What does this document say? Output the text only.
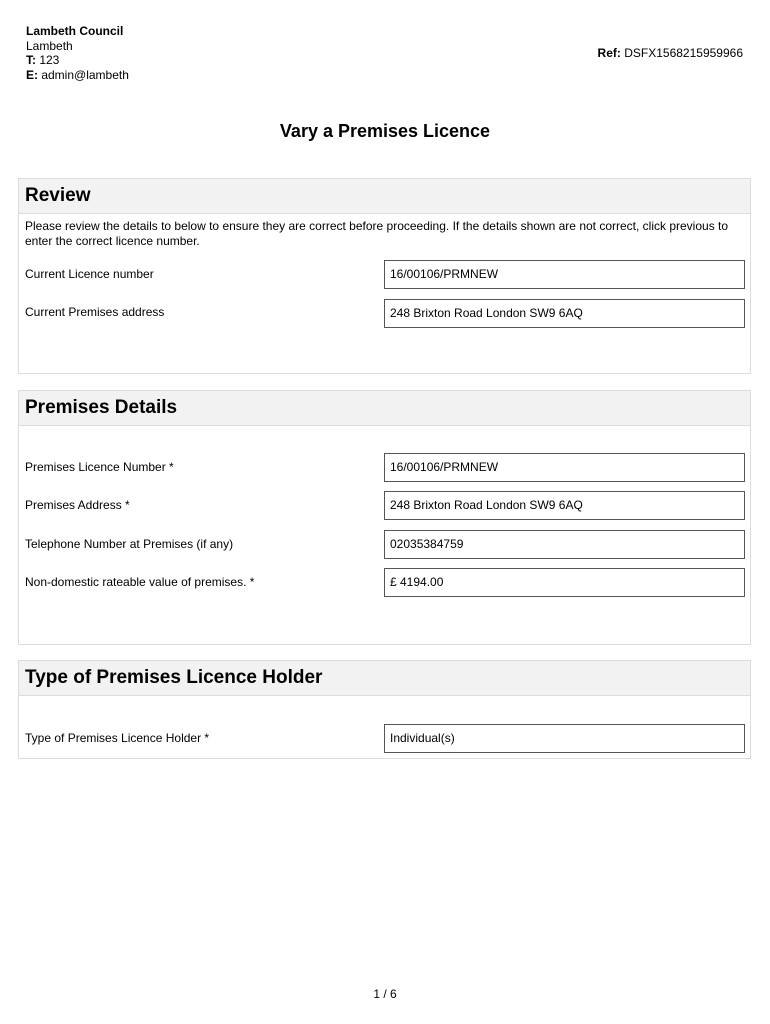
Lambeth Council
Lambeth
T: 123
E: admin@lambeth
Ref: DSFX1568215959966
Vary a Premises Licence
Review
Please review the details to below to ensure they are correct before proceeding. If the details shown are not correct, click previous to enter the correct licence number.
Current Licence number	16/00106/PRMNEW
Current Premises address	248 Brixton Road London SW9 6AQ
Premises Details
Premises Licence Number *	16/00106/PRMNEW
Premises Address *	248 Brixton Road London SW9 6AQ
Telephone Number at Premises (if any)	02035384759
Non-domestic rateable value of premises. *	£ 4194.00
Type of Premises Licence Holder
Type of Premises Licence Holder *	Individual(s)
1 / 6
